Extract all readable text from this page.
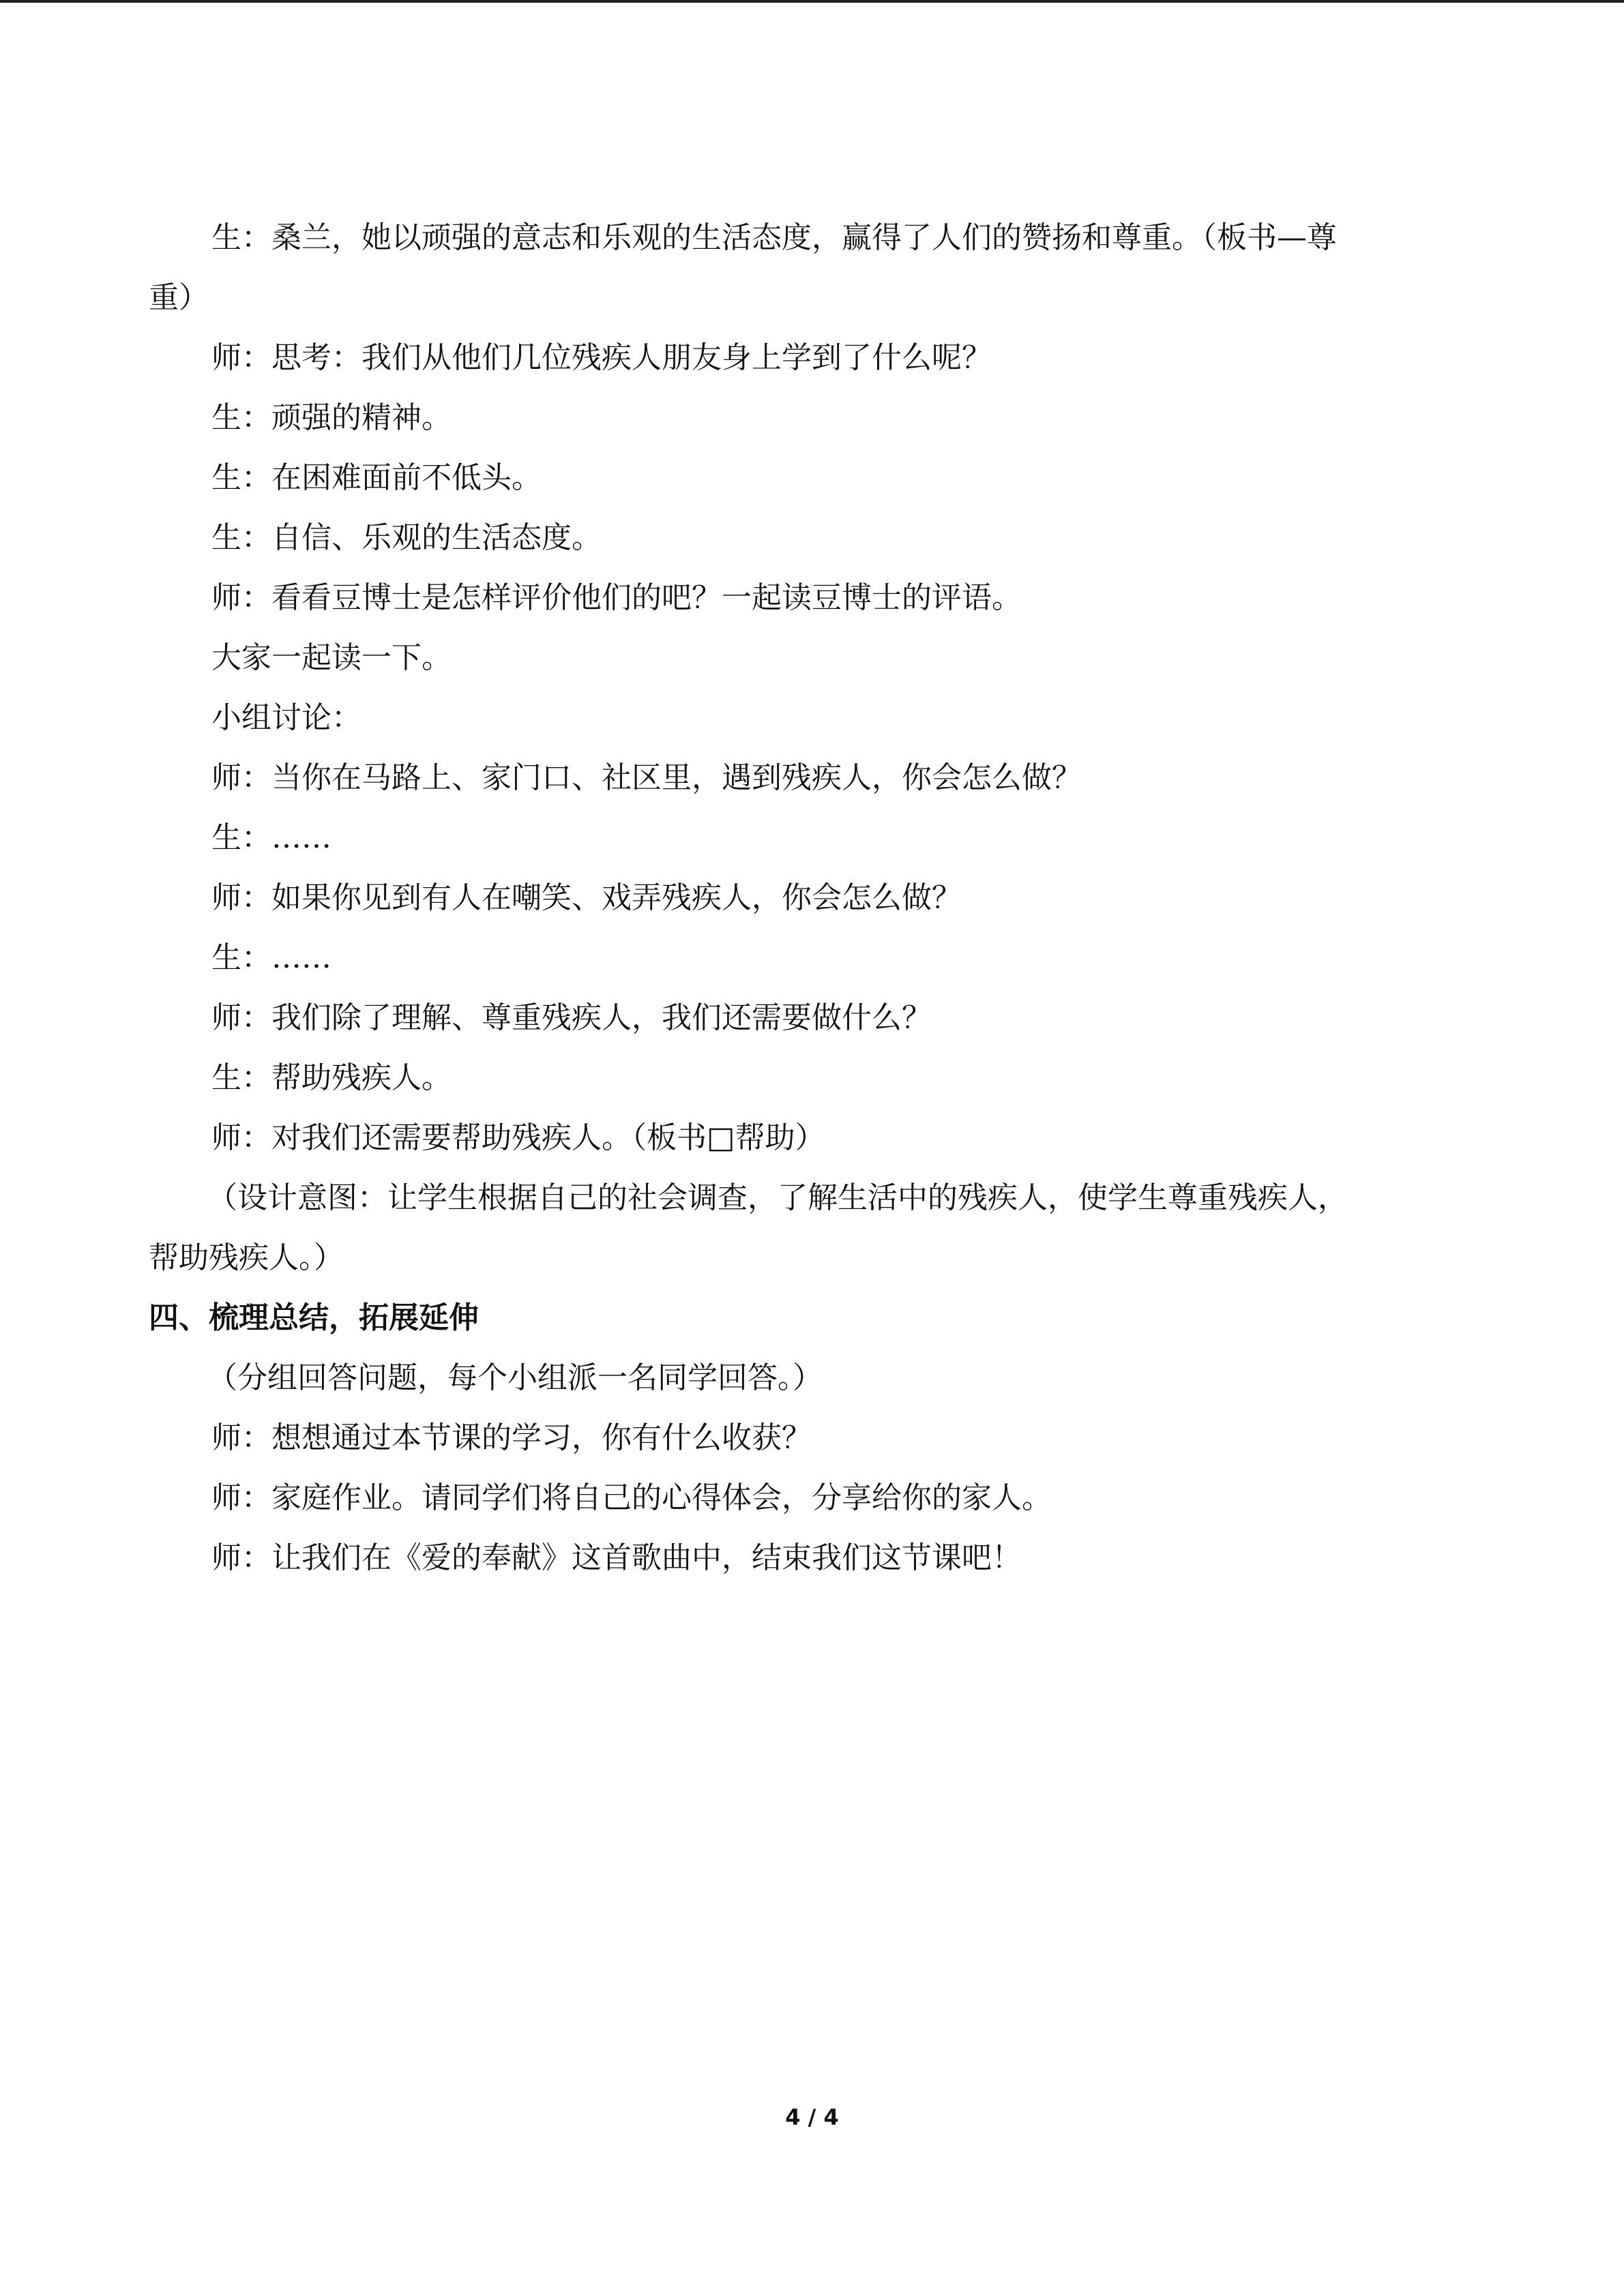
生：桑兰，她以顽强的意志和乐观的生活态度，赢得了人们的赞扬和尊重。（板书—尊
重）
师：思考：我们从他们几位残疾人朋友身上学到了什么呢？
生：顽强的精神。
生：在困难面前不低头。
生：自信、乐观的生活态度。
师：看看豆博士是怎样评价他们的吧？一起读豆博士的评语。
大家一起读一下。
小组讨论：
师：当你在马路上、家门口、社区里，遇到残疾人，你会怎么做？
生：……
师：如果你见到有人在嘲笑、戏弄残疾人，你会怎么做？
生：……
师：我们除了理解、尊重残疾人，我们还需要做什么？
生：帮助残疾人。
师：对我们还需要帮助残疾人。（板书□帮助）
（设计意图：让学生根据自己的社会调查，了解生活中的残疾人，使学生尊重残疾人，
帮助残疾人。）
四、梳理总结，拓展延伸
（分组回答问题，每个小组派一名同学回答。）
师：想想通过本节课的学习，你有什么收获？
师：家庭作业。请同学们将自己的心得体会，分享给你的家人。
师：让我们在《爱的奉献》这首歌曲中，结束我们这节课吧！
4 / 4
